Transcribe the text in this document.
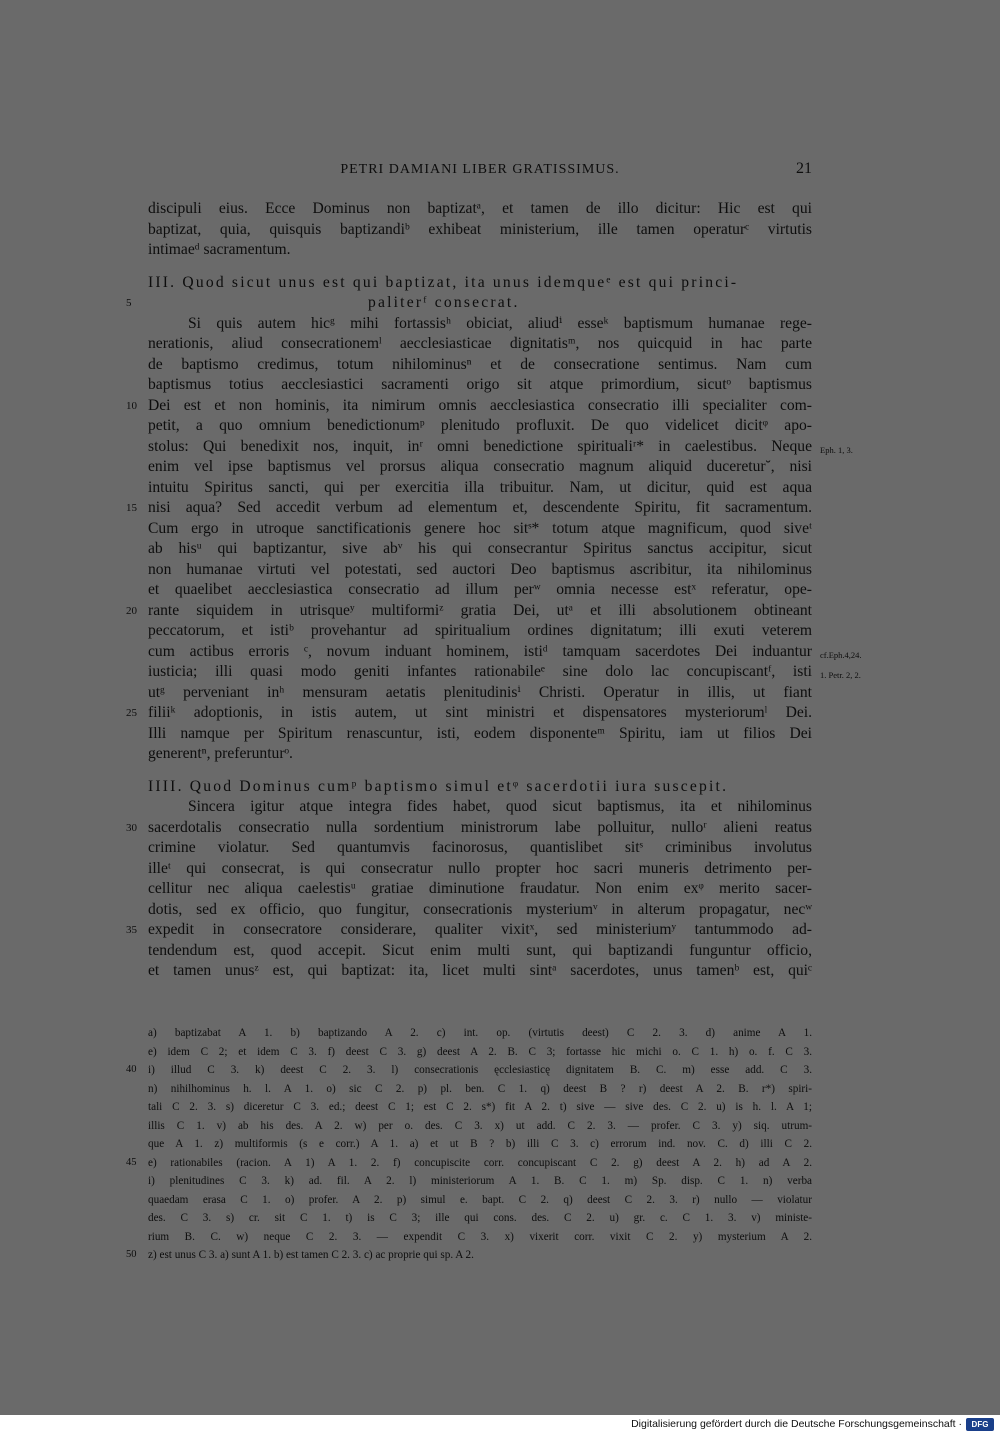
PETRI DAMIANI LIBER GRATISSIMUS.	21
discipuli eius. Ecce Dominus non baptizatᵃ, et tamen de illo dicitur: Hic est qui
baptizat, quia, quisquis baptizandiᵇ exhibeat ministerium, ille tamen operaturᶜ virtutis
intimaeᵈ sacramentum.
III. Quod sicut unus est qui baptizat, ita unus idemqueᵉ est qui princi-
paliterᶠ consecrat.
5
Si quis autem hicᵍ mihi fortassisʰ obiciat, aliudⁱ esseᵏ baptismum humanae rege-
nerationis, aliud consecrationemˡ aecclesiasticae dignitatisᵐ, nos quicquid in hac parte
de baptismo credimus, totum nihilominusⁿ et de consecratione sentimus. Nam cum
baptismus totius aecclesiastici sacramenti origo sit atque primordium, sicutᵒ baptismus
Dei est et non hominis, ita nimirum omnis aecclesiastica consecratio illi specialiter com-
10
petit, a quo omnium benedictionumᵖ plenitudo profluxit. De quo videlicet dicitᵠ apo-
stolus: Qui benedixit nos, inquit, inʳ omni benedictione spiritualiʳ* in caelestibus. Neque Eph. 1, 3.
enim vel ipse baptismus vel prorsus aliqua consecratio magnum aliquid duceretur˘, nisi
intuitu Spiritus sancti, qui per exercitia illa tribuitur. Nam, ut dicitur, quid est aqua
nisi aqua? Sed accedit verbum ad elementum et, descendente Spiritu, fit sacramentum.
15
Cum ergo in utroque sanctificationis genere hoc sitˢ* totum atque magnificum, quod siveᵗ
ab hisᵘ qui baptizantur, sive abᵛ his qui consecrantur Spiritus sanctus accipitur, sicut
non humanae virtuti vel potestati, sed auctori Deo baptismus ascribitur, ita nihilominus
et quaelibet aecclesiastica consecratio ad illum perʷ omnia necesse estˣ referatur, ope-
rante siquidem in utrisqueʸ multiformiᶻ gratia Dei, utᵃ et illi absolutionem obtineant
20
peccatorum, et istiᵇ provehantur ad spiritualium ordines dignitatum; illi exuti veterem
cum actibus erroris ᶜ, novum induant hominem, istiᵈ tamquam sacerdotes Dei induantur cf.Eph.4,24.
iusticia; illi quasi modo geniti infantes rationabileᵉ sine dolo lac concupiscantᶠ, isti 1. Petr. 2, 2.
utᵍ perveniant inʰ mensuram aetatis plenitudinisⁱ Christi. Operatur in illis, ut fiant
filiiᵏ adoptionis, in istis autem, ut sint ministri et dispensatores mysteriorumˡ Dei.
25
Illi namque per Spiritum renascuntur, isti, eodem disponenteᵐ Spiritu, iam ut filios Dei
generentⁿ, preferunturᵒ.
IIII. Quod Dominus cumᵖ baptismo simul etᵠ sacerdotii iura suscepit.
Sincera igitur atque integra fides habet, quod sicut baptismus, ita et nihilominus
sacerdotalis consecratio nulla sordentium ministrorum labe polluitur, nulloʳ alieni reatus
30
crimine violatur. Sed quantumvis facinorosus, quantislibet sitˢ criminibus involutus
illeᵗ qui consecrat, is qui consecratur nullo propter hoc sacri muneris detrimento per-
cellitur nec aliqua caelestisᵘ gratiae diminutione fraudatur. Non enim exᵠ merito sacer-
dotis, sed ex officio, quo fungitur, consecrationis mysteriumᵛ in alterum propagatur, necʷ
expedit in consecratore considerare, qualiter vixitˣ, sed ministeriumʸ tantummodo ad-
35
tendendum est, quod accepit. Sicut enim multi sunt, qui baptizandi funguntur officio,
et tamen unusᶻ est, qui baptizat: ita, licet multi sintᵃ sacerdotes, unus tamenᵇ est, quiᶜ
a) baptizabat A 1. b) baptizando A 2. c) int. op. (virtutis deest) C 2. 3. d) anime A 1.
e) idem C 2; et idem C 3. f) deest C 3. g) deest A 2. B. C 3; fortasse hic michi o. C 1. h) o. f. C 3.
i) illud C 3. k) deest C 2. 3. l) consecrationis ęcclesiasticę dignitatem B. C. m) esse add. C 3.
40
n) nihilhominus h. l. A 1. o) sic C 2. p) pl. ben. C 1. q) deest B ? r) deest A 2. B. r*) spiri-
tali C 2. 3. s) diceretur C 3. ed.; deest C 1; est C 2. s*) fit A 2. t) sive — sive des. C 2. u) is h. l. A 1;
illis C 1. v) ab his des. A 2. w) per o. des. C 3. x) ut add. C 2. 3. — profer. C 3. y) siq. utrum-
que A 1. z) multiformis (s e corr.) A 1. a) et ut B ? b) illi C 3. c) errorum ind. nov. C. d) illi C 2.
e) rationabiles (racion. A 1) A 1. 2. f) concupiscite corr. concupiscant C 2. g) deest A 2. h) ad A 2.
45
i) plenitudines C 3. k) ad. fil. A 2. l) ministeriorum A 1. B. C 1. m) Sp. disp. C 1. n) verba
quaedam erasa C 1. o) profer. A 2. p) simul e. bapt. C 2. q) deest C 2. 3. r) nullo — violatur
des. C 3. s) cr. sit C 1. t) is C 3; ille qui cons. des. C 2. u) gr. c. C 1. 3. v) ministe-
rium B. C. w) neque C 2. 3. — expendit C 3. x) vixerit corr. vixit C 2. y) mysterium A 2.
z) est unus C 3. a) sunt A 1. b) est tamen C 2. 3. c) ac proprie qui sp. A 2.
50
Digitalisierung gefördert durch die Deutsche Forschungsgemeinschaft ·	DFG
